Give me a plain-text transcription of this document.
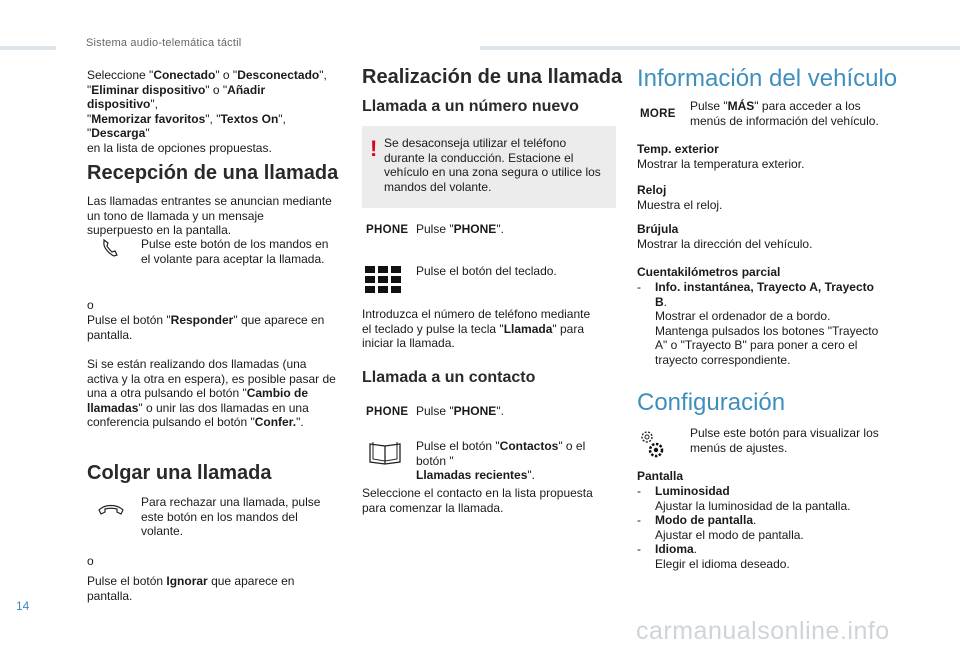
Sistema audio-telemática táctil

Seleccione "Conectado" o "Desconectado",
"Eliminar dispositivo" o "Añadir dispositivo",
"Memorizar favoritos", "Textos On", "Descarga"
en la lista de opciones propuestas.

Recepción de una llamada

Las llamadas entrantes se anuncian mediante un tono de llamada y un mensaje superpuesto en la pantalla.

Pulse este botón de los mandos en el volante para aceptar la llamada.

o

Pulse el botón "Responder" que aparece en pantalla.

Si se están realizando dos llamadas (una activa y la otra en espera), es posible pasar de una a otra pulsando el botón "Cambio de llamadas" o unir las dos llamadas en una conferencia pulsando el botón "Confer.".

Colgar una llamada

Para rechazar una llamada, pulse este botón en los mandos del volante.

o

Pulse el botón Ignorar que aparece en pantalla.

Realización de una llamada
Llamada a un número nuevo
! Se desaconseja utilizar el teléfono durante la conducción. Estacione el vehículo en una zona segura o utilice los mandos del volante.

PHONE Pulse "PHONE".

Pulse el botón del teclado.

Introduzca el número de teléfono mediante el teclado y pulse la tecla "Llamada" para iniciar la llamada.

Llamada a un contacto
PHONE Pulse "PHONE".

Pulse el botón "Contactos" o el botón "
Llamadas recientes".

Seleccione el contacto en la lista propuesta para comenzar la llamada.

Información del vehículo
MORE

Pulse "MÁS" para acceder a los menús de información del vehículo.

Temp. exterior
Mostrar la temperatura exterior.

Reloj
Muestra el reloj.

Brújula
Mostrar la dirección del vehículo.

Cuentakilómetros parcial

- Info. instantánea, Trayecto A, Trayecto B.
Mostrar el ordenador de a bordo.
Mantenga pulsados los botones "Trayecto A" o "Trayecto B" para poner a cero el trayecto correspondiente.

Configuración

Pulse este botón para visualizar los menús de ajustes.

Pantalla

- Luminosidad
Ajustar la luminosidad de la pantalla.

- Modo de pantalla.
Ajustar el modo de pantalla.

- Idioma.
Elegir el idioma deseado.

14
carmanualsonline.info
